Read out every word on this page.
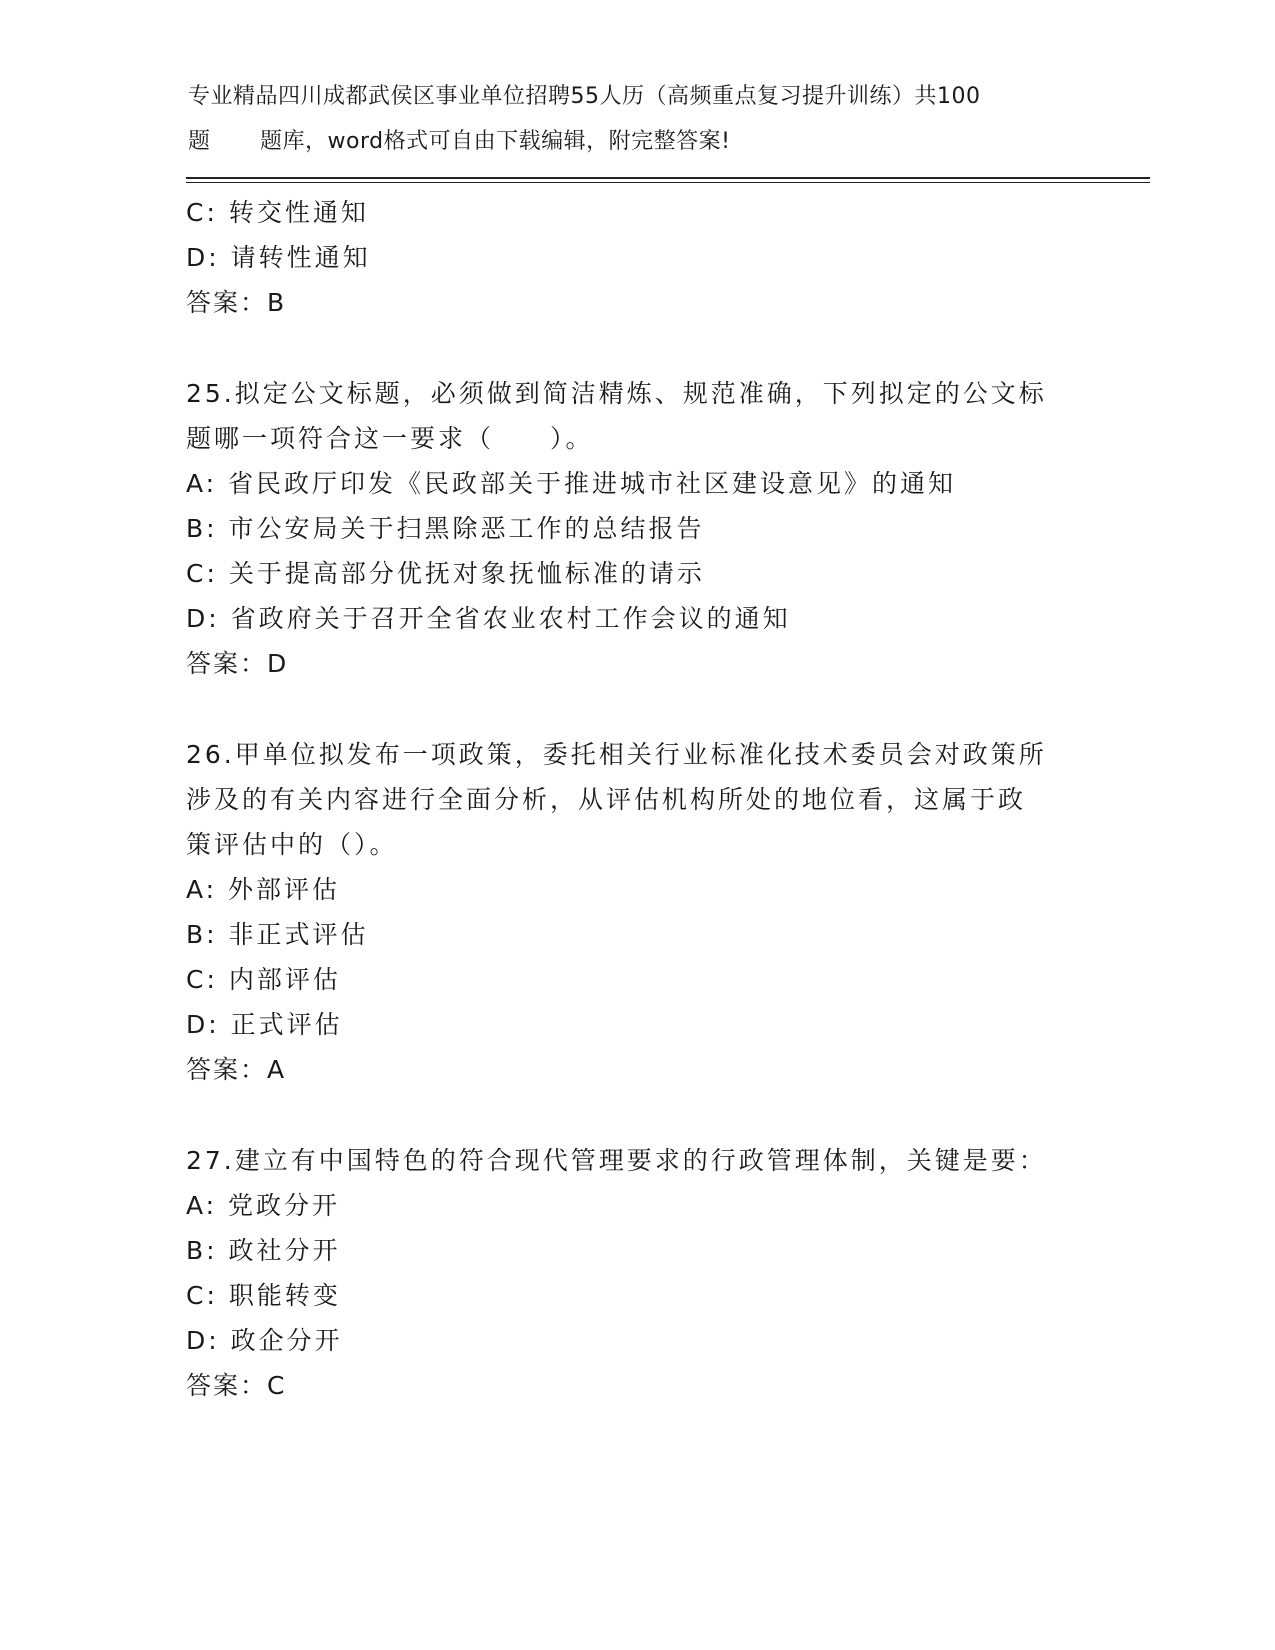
专业精品四川成都武侯区事业单位招聘55人历（高频重点复习提升训练）共100
题 题库，word格式可自由下载编辑，附完整答案!
C: 转交性通知
D: 请转性通知
答案：B
25.拟定公文标题，必须做到简洁精炼、规范准确，下列拟定的公文标
题哪一项符合这一要求（　　）。
A: 省民政厅印发《民政部关于推进城市社区建设意见》的通知
B: 市公安局关于扫黑除恶工作的总结报告
C: 关于提高部分优抚对象抚恤标准的请示
D: 省政府关于召开全省农业农村工作会议的通知
答案：D
26.甲单位拟发布一项政策，委托相关行业标准化技术委员会对政策所
涉及的有关内容进行全面分析，从评估机构所处的地位看，这属于政
策评估中的（）。
A: 外部评估
B: 非正式评估
C: 内部评估
D: 正式评估
答案：A
27.建立有中国特色的符合现代管理要求的行政管理体制，关键是要：
A: 党政分开
B: 政社分开
C: 职能转变
D: 政企分开
答案：C
